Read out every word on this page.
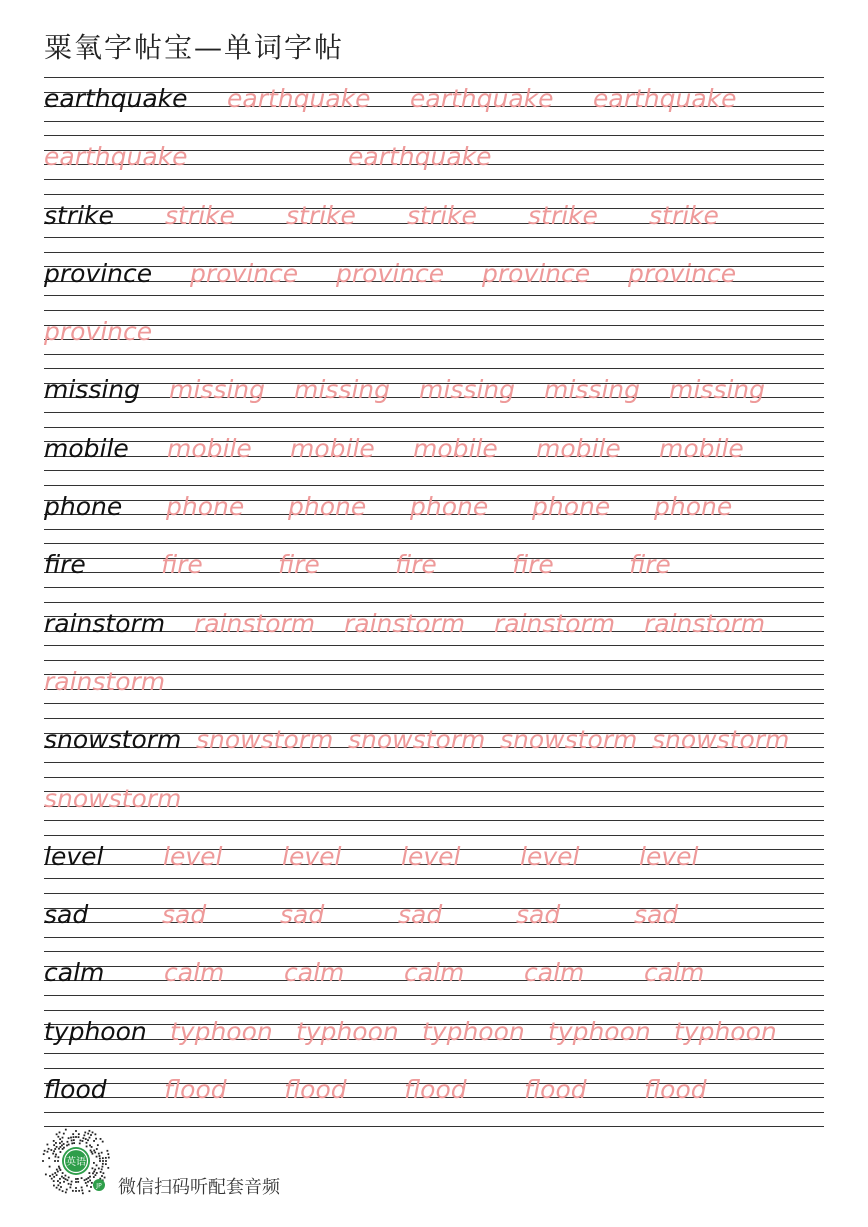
粟氧字帖宝—单词字帖
earthquake earthquake earthquake earthquake
earthquake	earthquake
strike strike strike strike strike strike
province province province province province
province
missing missing missing missing missing missing
mobile mobile mobile mobile mobile mobile
phone phone phone phone phone phone
fire	fire	fire	fire	fire	fire
rainstorm rainstorm rainstorm rainstorm rainstorm
rainstorm
snowstorm snowstorm snowstorm snowstorm snowstorm
snowstorm
level level level level level level
sad	sad	sad	sad	sad	sad
calm calm calm calm calm calm
typhoon typhoon typhoon typhoon typhoon typhoon
flood flood flood flood flood flood
英语
JP 微信扫码听配套音频
